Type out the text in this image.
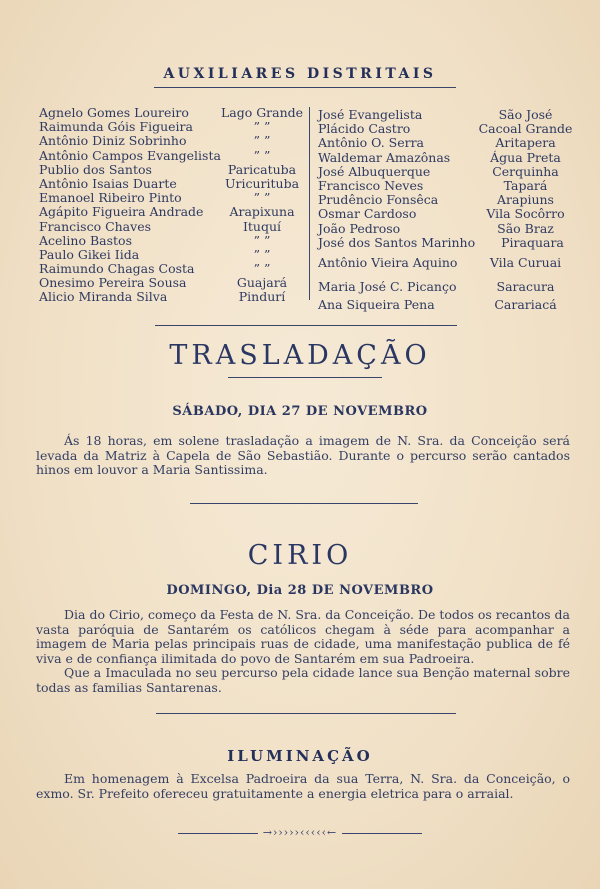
AUXILIARES DISTRITAIS
Agnelo Gomes Loureiro	Lago Grande
Raimunda Góis Figueira	” ”
Antônio Diniz Sobrinho	” ”
Antônio Campos Evangelista	” ”
Publio dos Santos	Paricatuba
Antônio Isaias Duarte	Uricurituba
Emanoel Ribeiro Pinto	” ”
Agápito Figueira Andrade	Arapixuna
Francisco Chaves	Ituquí
Acelino Bastos	” ”
Paulo Gikei Iida	” ”
Raimundo Chagas Costa	” ”
Onesimo Pereira Sousa	Guajará
Alicio Miranda Silva	Pindurí
José Evangelista	São José
Plácido Castro	Cacoal Grande
Antônio O. Serra	Aritapera
Waldemar Amazônas	Água Preta
José Albuquerque	Cerquinha
Francisco Neves	Tapará
Prudêncio Fonsêca	Arapiuns
Osmar Cardoso	Vila Socôrro
João Pedroso	São Braz
José dos Santos Marinho	Piraquara
Antônio Vieira Aquino	Vila Curuai
Maria José C. Picanço	Saracura
Ana Siqueira Pena	Carariacá
TRASLADAÇÃO
SÁBADO, DIA 27 DE NOVEMBRO
Ás 18 horas, em solene trasladação a imagem de N. Sra. da Conceição será levada da Matriz à Capela de São Sebastião. Durante o percurso serão cantados hinos em louvor a Maria Santissima.
CIRIO
DOMINGO, Dia 28 DE NOVEMBRO
Dia do Cirio, começo da Festa de N. Sra. da Conceição. De todos os recantos da vasta paróquia de Santarém os católicos chegam à séde para acompanhar a imagem de Maria pelas principais ruas de cidade, uma manifestação publica de fé viva e de confiança ilimitada do povo de Santarém em sua Padroeira.
Que a Imaculada no seu percurso pela cidade lance sua Benção maternal sobre todas as familias Santarenas.
ILUMINAÇÃO
Em homenagem à Excelsa Padroeira da sua Terra, N. Sra. da Conceição, o exmo. Sr. Prefeito ofereceu gratuitamente a energia eletrica para o arraial.
→›››››‹‹‹‹‹←
